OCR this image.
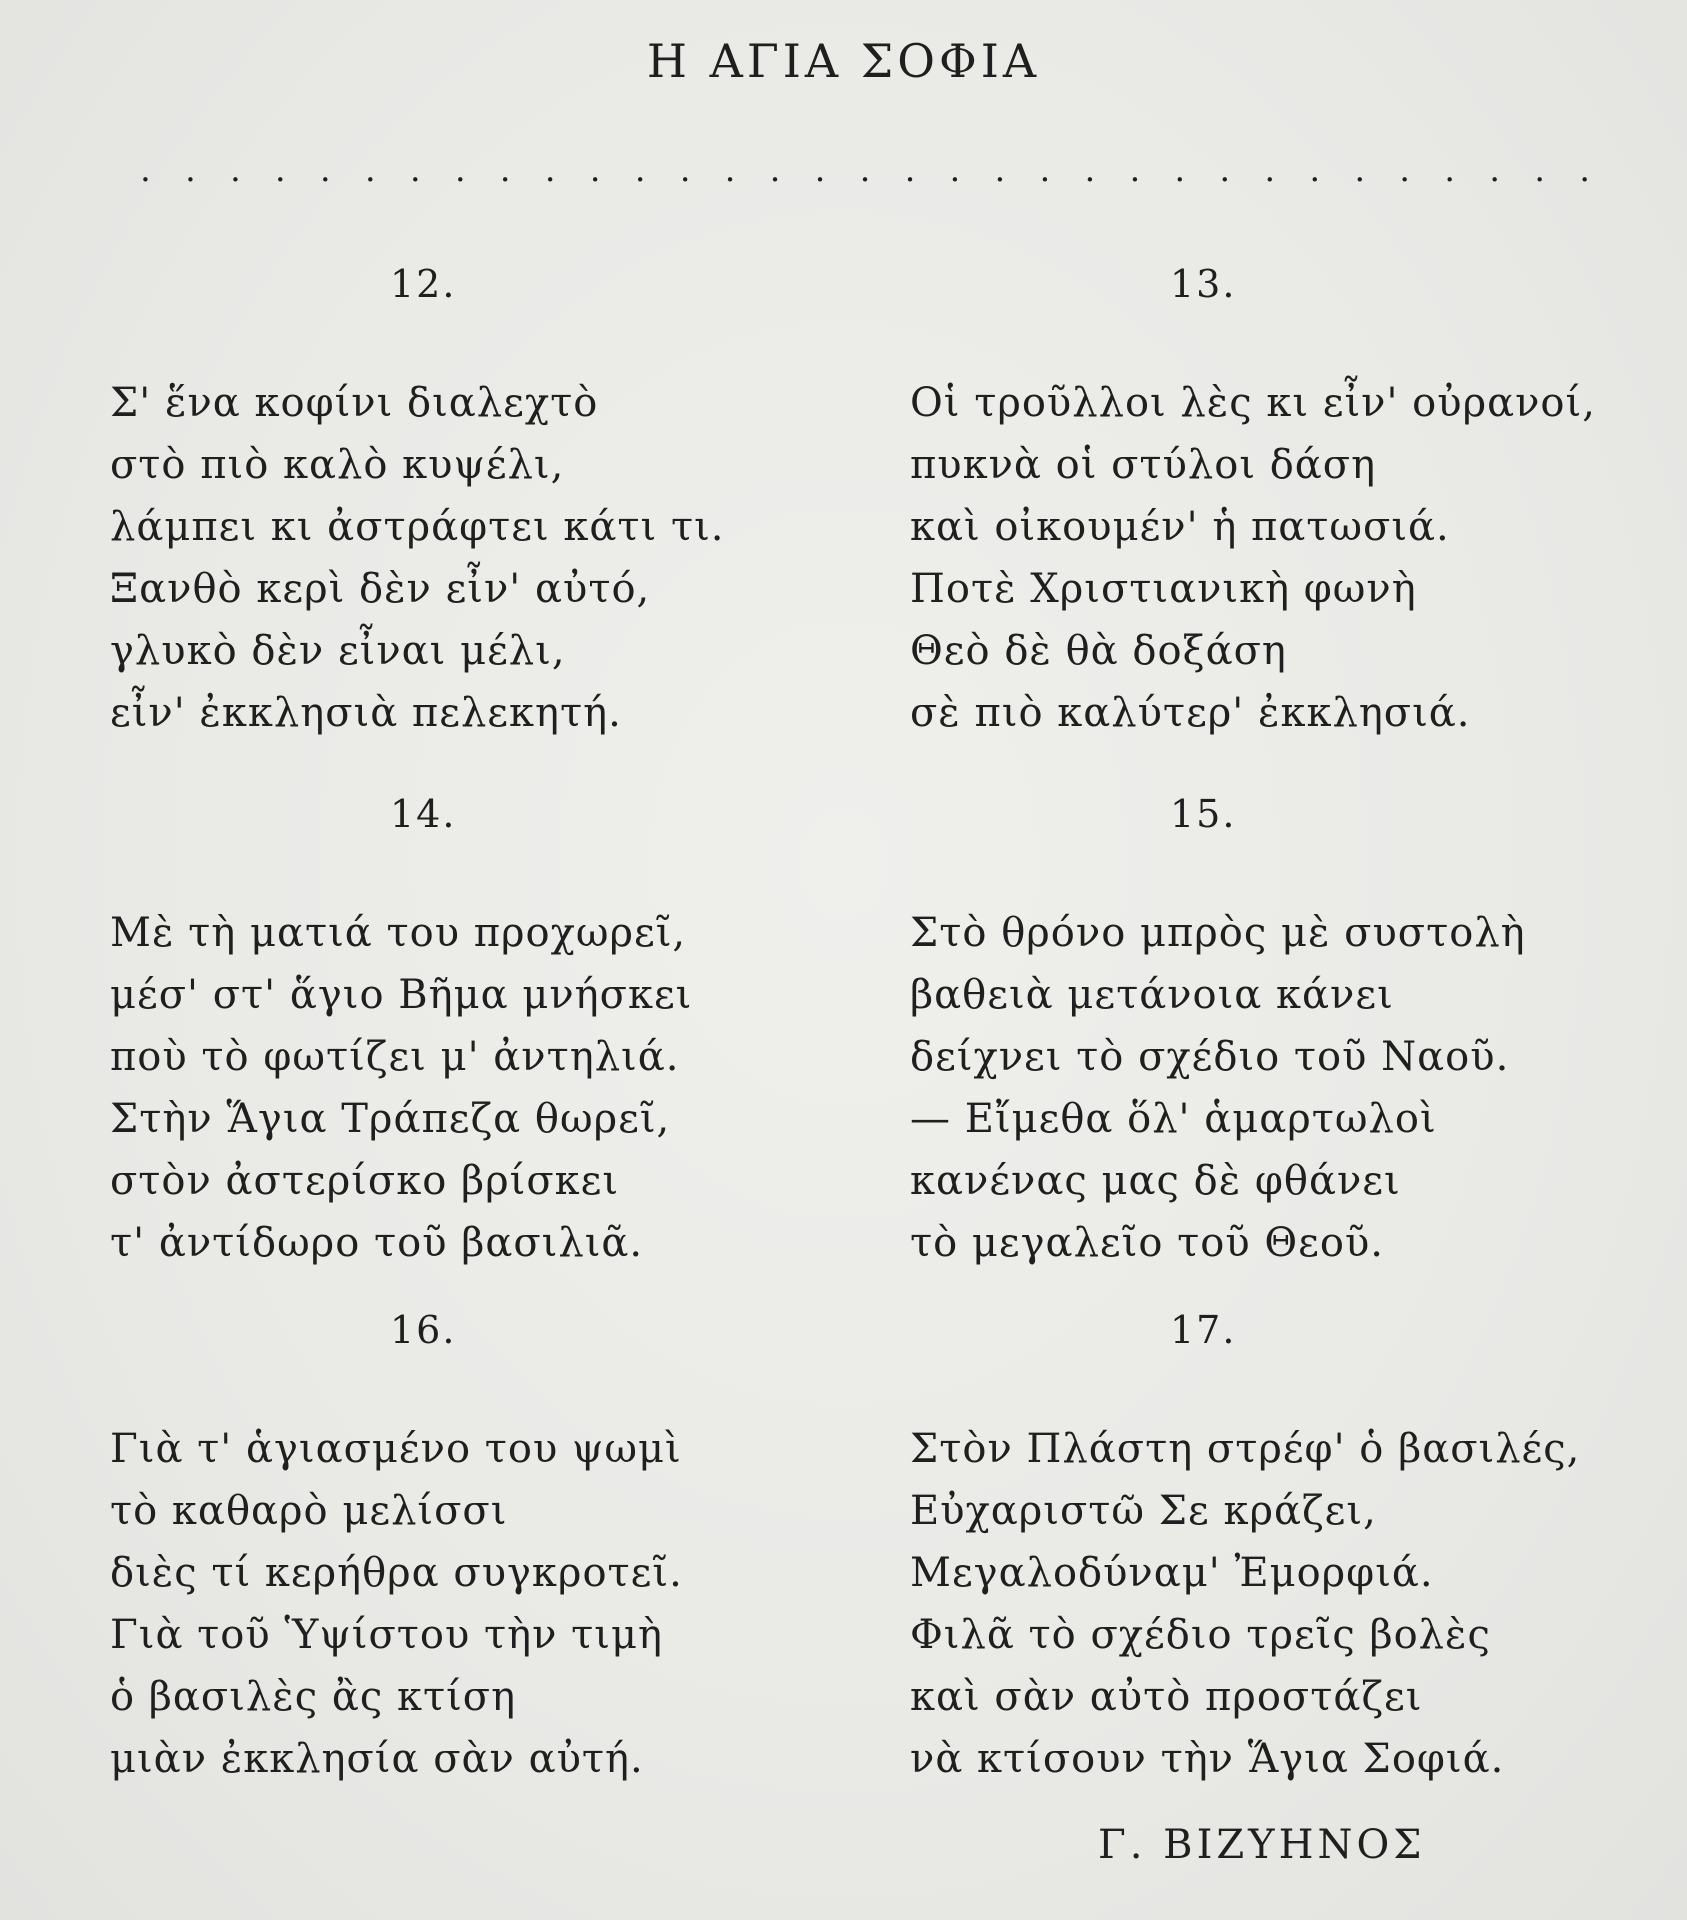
Η ΑΓΙΑ ΣΟΦΙΑ
. . . . . . . . . . . . . . . . . . . . . . . . . . . . . . . . .
12.
Σ' ἕνα κοφίνι διαλεχτὸ
στὸ πιὸ καλὸ κυψέλι,
λάμπει κι ἀστράφτει κάτι τι.
Ξανθὸ κερὶ δὲν εἶν' αὐτό,
γλυκὸ δὲν εἶναι μέλι,
εἶν' ἐκκλησιὰ πελεκητή.
13.
Οἱ τροῦλλοι λὲς κι εἶν' οὐρανοί,
πυκνὰ οἱ στύλοι δάση
καὶ οἰκουμέν' ἡ πατωσιά.
Ποτὲ Χριστιανικὴ φωνὴ
Θεὸ δὲ θὰ δοξάση
σὲ πιὸ καλύτερ' ἐκκλησιά.
14.
Μὲ τὴ ματιά του προχωρεῖ,
μέσ' στ' ἅγιο Βῆμα μνήσκει
ποὺ τὸ φωτίζει μ' ἀντηλιά.
Στὴν Ἅγια Τράπεζα θωρεῖ,
στὸν ἀστερίσκο βρίσκει
τ' ἀντίδωρο τοῦ βασιλιᾶ.
15.
Στὸ θρόνο μπρὸς μὲ συστολὴ
βαθειὰ μετάνοια κάνει
δείχνει τὸ σχέδιο τοῦ Ναοῦ.
— Εἴμεθα ὅλ' ἁμαρτωλοὶ
κανένας μας δὲ φθάνει
τὸ μεγαλεῖο τοῦ Θεοῦ.
16.
Γιὰ τ' ἁγιασμένο του ψωμὶ
τὸ καθαρὸ μελίσσι
διὲς τί κερήθρα συγκροτεῖ.
Γιὰ τοῦ Ὑψίστου τὴν τιμὴ
ὁ βασιλὲς ἂς κτίση
μιὰν ἐκκλησία σὰν αὐτή.
17.
Στὸν Πλάστη στρέφ' ὁ βασιλές,
Εὐχαριστῶ Σε κράζει,
Μεγαλοδύναμ' Ἐμορφιά.
Φιλᾶ τὸ σχέδιο τρεῖς βολὲς
καὶ σὰν αὐτὸ προστάζει
νὰ κτίσουν τὴν Ἅγια Σοφιά.
Γ. ΒΙΖΥΗΝΟΣ
